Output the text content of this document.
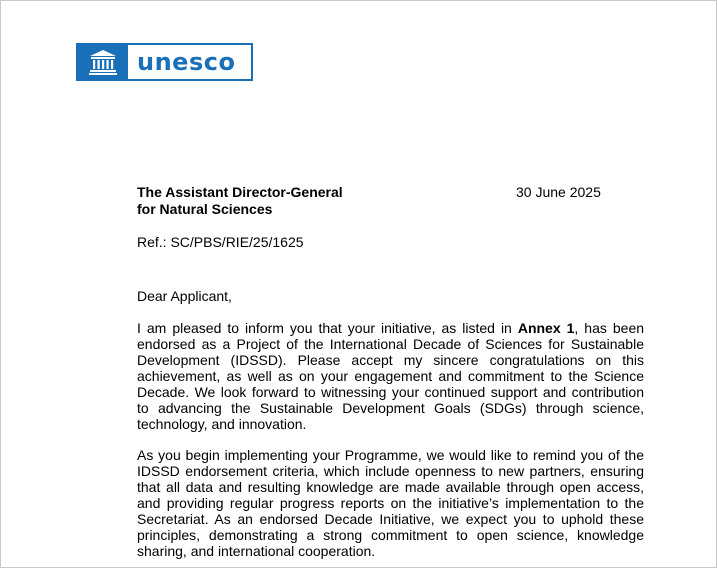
unesco
The Assistant Director-General
for Natural Sciences
30 June 2025
Ref.: SC/PBS/RIE/25/1625
Dear Applicant,

I am pleased to inform you that your initiative, as listed in Annex 1, has been endorsed as a Project of the International Decade of Sciences for Sustainable Development (IDSSD). Please accept my sincere congratulations on this achievement, as well as on your engagement and commitment to the Science Decade. We look forward to witnessing your continued support and contribution to advancing the Sustainable Development Goals (SDGs) through science, technology, and innovation.

As you begin implementing your Programme, we would like to remind you of the IDSSD endorsement criteria, which include openness to new partners, ensuring that all data and resulting knowledge are made available through open access, and providing regular progress reports on the initiative’s implementation to the Secretariat. As an endorsed Decade Initiative, we expect you to uphold these principles, demonstrating a strong commitment to open science, knowledge sharing, and international cooperation.
